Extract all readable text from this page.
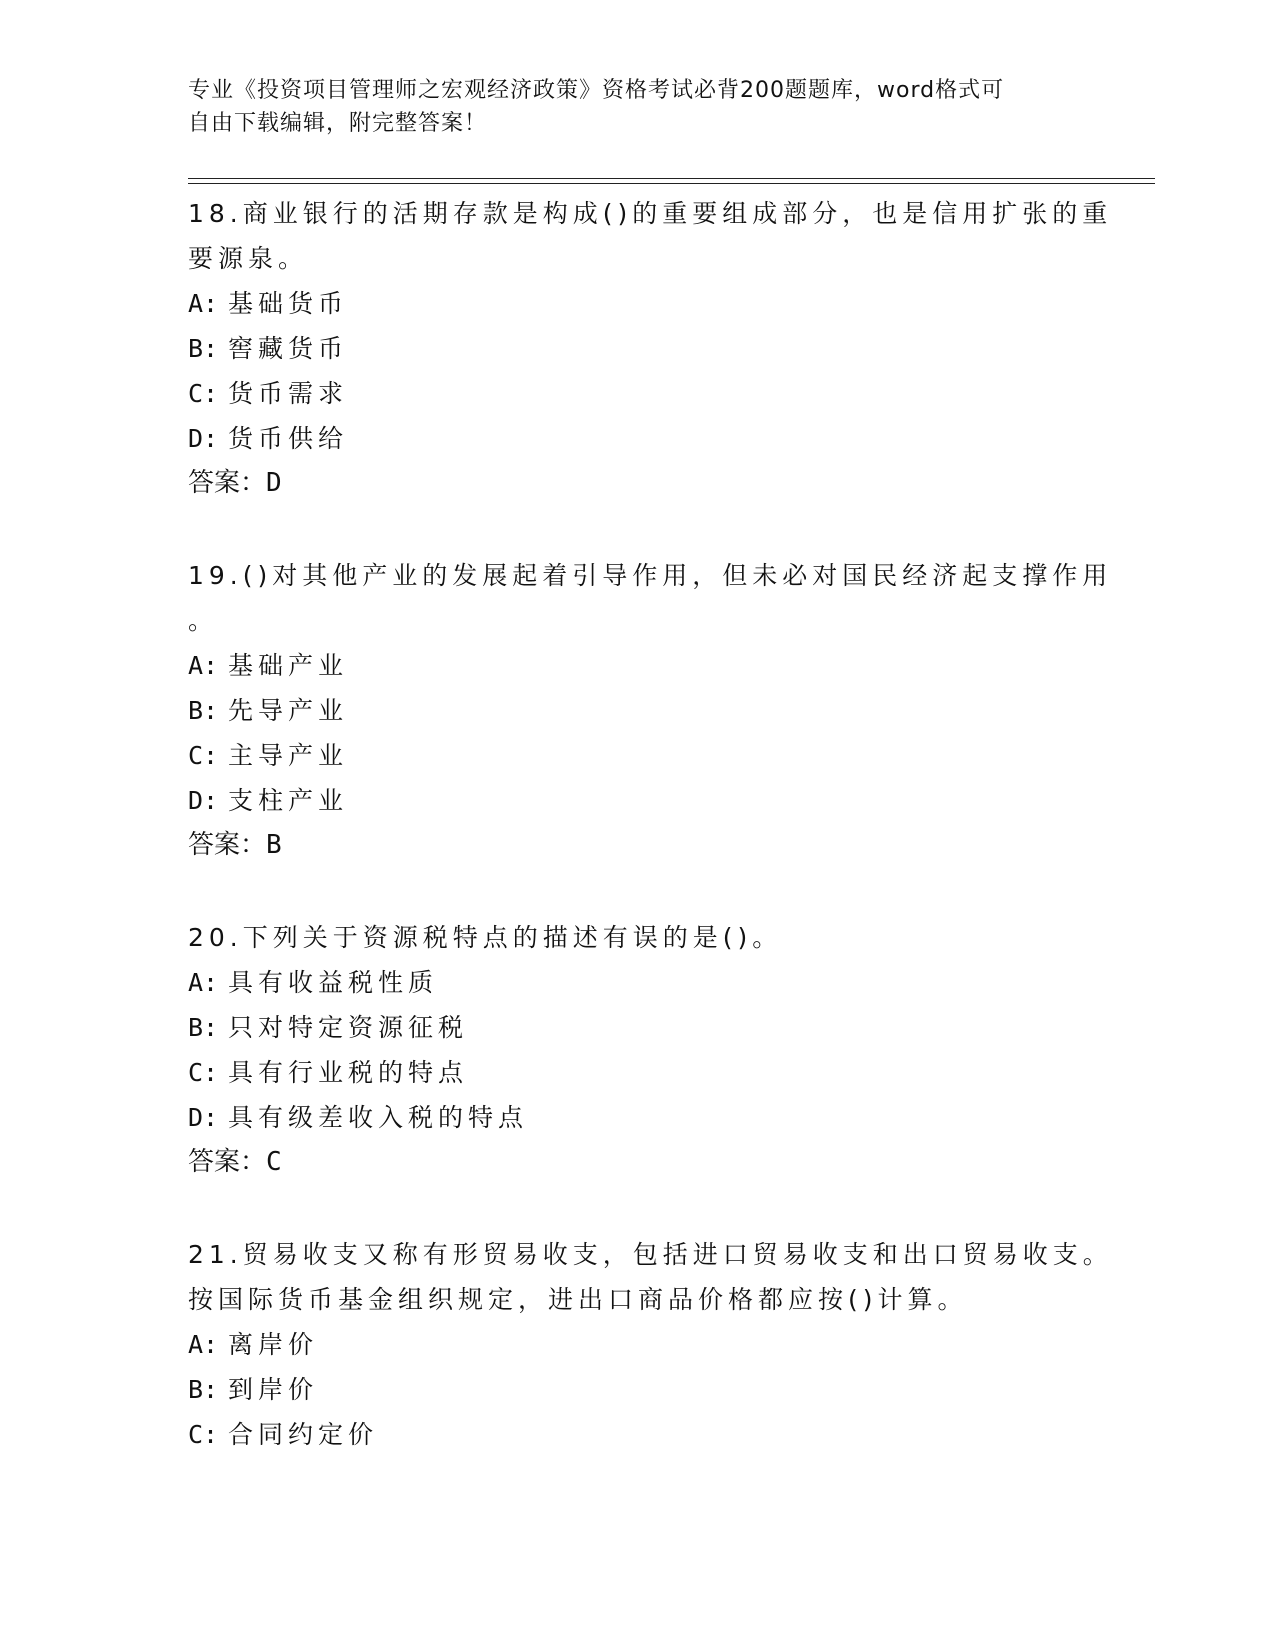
专业《投资项目管理师之宏观经济政策》资格考试必背200题题库，word格式可
自由下载编辑，附完整答案！
18.商业银行的活期存款是构成()的重要组成部分，也是信用扩张的重
要源泉。
A: 基础货币
B: 窖藏货币
C: 货币需求
D: 货币供给
答案：D
19.()对其他产业的发展起着引导作用，但未必对国民经济起支撑作用
。
A: 基础产业
B: 先导产业
C: 主导产业
D: 支柱产业
答案：B
20.下列关于资源税特点的描述有误的是()。
A: 具有收益税性质
B: 只对特定资源征税
C: 具有行业税的特点
D: 具有级差收入税的特点
答案：C
21.贸易收支又称有形贸易收支，包括进口贸易收支和出口贸易收支。
按国际货币基金组织规定，进出口商品价格都应按()计算。
A: 离岸价
B: 到岸价
C: 合同约定价
